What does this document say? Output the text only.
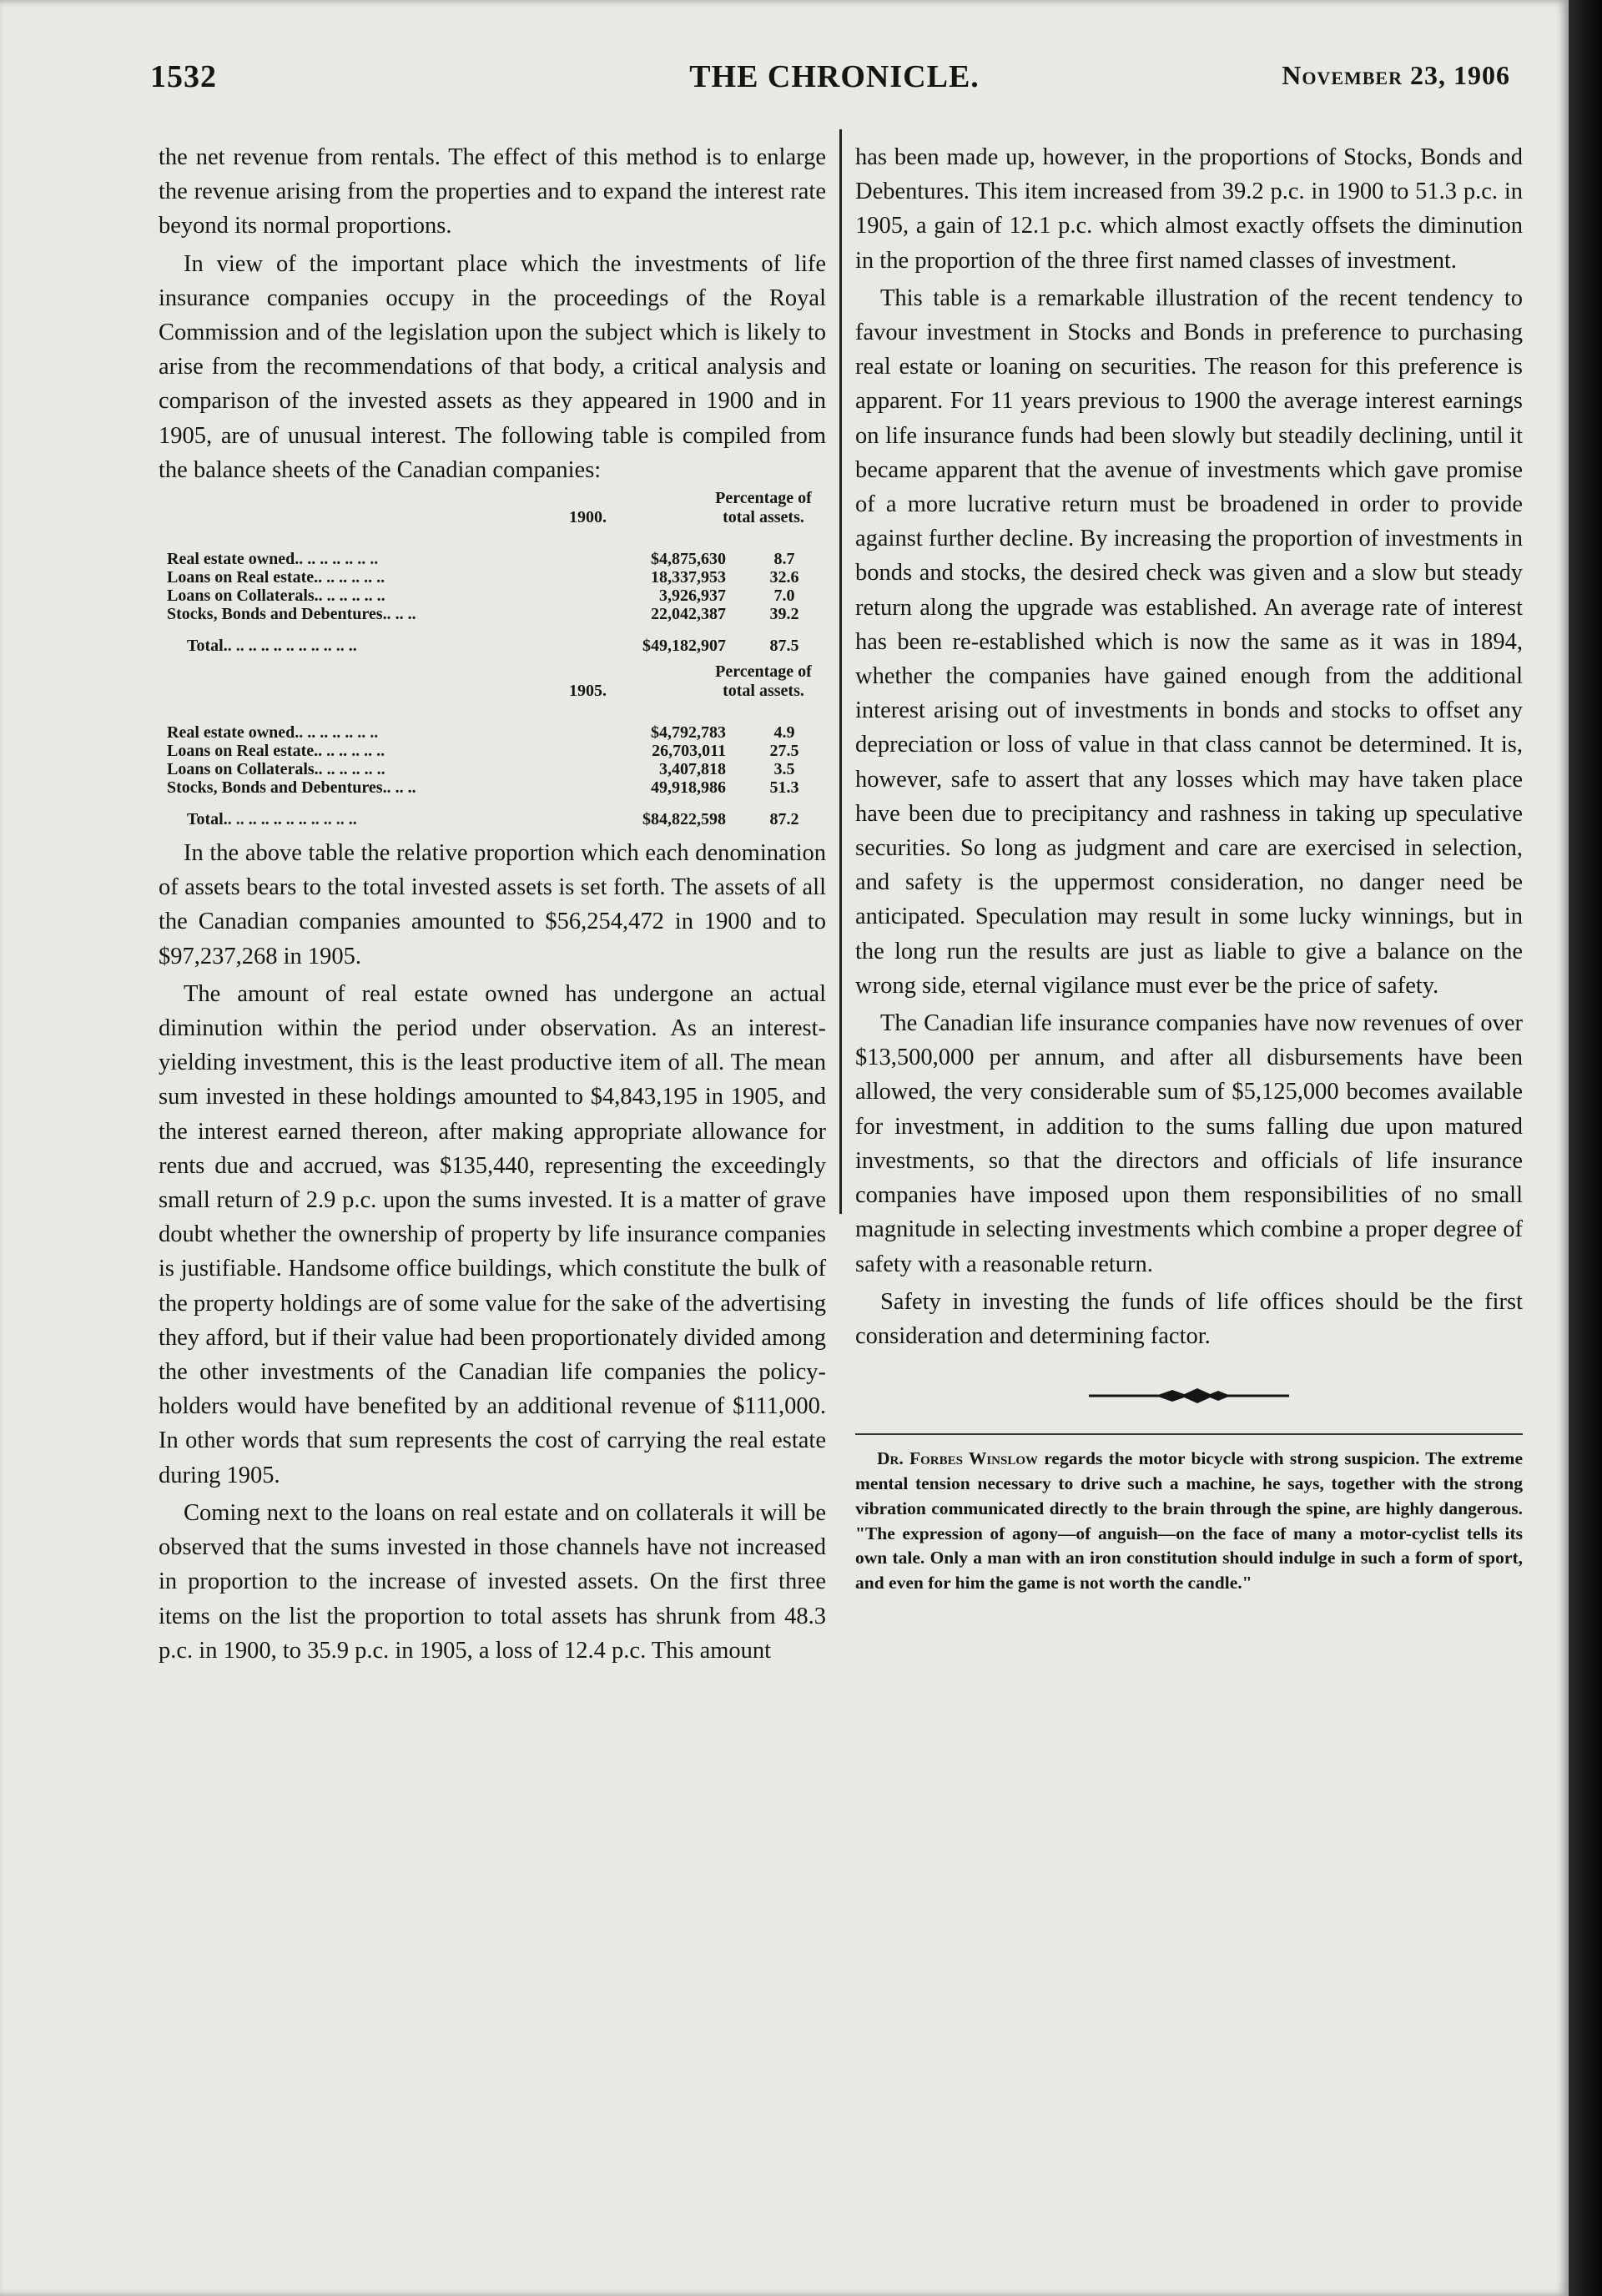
1532	THE CHRONICLE.	November 23, 1906

the net revenue from rentals. The effect of this method is to enlarge the revenue arising from the properties and to expand the interest rate beyond its normal proportions.

In view of the important place which the investments of life insurance companies occupy in the proceedings of the Royal Commission and of the legislation upon the subject which is likely to arise from the recommendations of that body, a critical analysis and comparison of the invested assets as they appeared in 1900 and in 1905, are of unusual interest. The following table is compiled from the balance sheets of the Canadian companies:

1900.
Percentage of total assets.
Real estate owned.. .. .. .. .. .. ..	$4,875,630	8.7
Loans on Real estate.. .. .. .. .. ..	18,337,953	32.6
Loans on Collaterals.. .. .. .. .. ..	3,926,937	7.0
Stocks, Bonds and Debentures.. .. ..	22,042,387	39.2
Total.. .. .. .. .. .. .. .. .. .. ..	$49,182,907	87.5
1905.
Percentage of total assets.
Real estate owned.. .. .. .. .. .. ..	$4,792,783	4.9
Loans on Real estate.. .. .. .. .. ..	26,703,011	27.5
Loans on Collaterals.. .. .. .. .. ..	3,407,818	3.5
Stocks, Bonds and Debentures.. .. ..	49,918,986	51.3
Total.. .. .. .. .. .. .. .. .. .. ..	$84,822,598	87.2

In the above table the relative proportion which each denomination of assets bears to the total invested assets is set forth. The assets of all the Canadian companies amounted to $56,254,472 in 1900 and to $97,237,268 in 1905.

The amount of real estate owned has undergone an actual diminution within the period under observation. As an interest-yielding investment, this is the least productive item of all. The mean sum invested in these holdings amounted to $4,843,195 in 1905, and the interest earned thereon, after making appropriate allowance for rents due and accrued, was $135,440, representing the exceedingly small return of 2.9 p.c. upon the sums invested. It is a matter of grave doubt whether the ownership of property by life insurance companies is justifiable. Handsome office buildings, which constitute the bulk of the property holdings are of some value for the sake of the advertising they afford, but if their value had been proportionately divided among the other investments of the Canadian life companies the policy-holders would have benefited by an additional revenue of $111,000. In other words that sum represents the cost of carrying the real estate during 1905.

Coming next to the loans on real estate and on collaterals it will be observed that the sums invested in those channels have not increased in proportion to the increase of invested assets. On the first three items on the list the proportion to total assets has shrunk from 48.3 p.c. in 1900, to 35.9 p.c. in 1905, a loss of 12.4 p.c. This amount

has been made up, however, in the proportions of Stocks, Bonds and Debentures. This item increased from 39.2 p.c. in 1900 to 51.3 p.c. in 1905, a gain of 12.1 p.c. which almost exactly offsets the diminution in the proportion of the three first named classes of investment.

This table is a remarkable illustration of the recent tendency to favour investment in Stocks and Bonds in preference to purchasing real estate or loaning on securities. The reason for this preference is apparent. For 11 years previous to 1900 the average interest earnings on life insurance funds had been slowly but steadily declining, until it became apparent that the avenue of investments which gave promise of a more lucrative return must be broadened in order to provide against further decline. By increasing the proportion of investments in bonds and stocks, the desired check was given and a slow but steady return along the upgrade was established. An average rate of interest has been re-established which is now the same as it was in 1894, whether the companies have gained enough from the additional interest arising out of investments in bonds and stocks to offset any depreciation or loss of value in that class cannot be determined. It is, however, safe to assert that any losses which may have taken place have been due to precipitancy and rashness in taking up speculative securities. So long as judgment and care are exercised in selection, and safety is the uppermost consideration, no danger need be anticipated. Speculation may result in some lucky winnings, but in the long run the results are just as liable to give a balance on the wrong side, eternal vigilance must ever be the price of safety.

The Canadian life insurance companies have now revenues of over $13,500,000 per annum, and after all disbursements have been allowed, the very considerable sum of $5,125,000 becomes available for investment, in addition to the sums falling due upon matured investments, so that the directors and officials of life insurance companies have imposed upon them responsibilities of no small magnitude in selecting investments which combine a proper degree of safety with a reasonable return.

Safety in investing the funds of life offices should be the first consideration and determining factor.

Dr. Forbes Winslow regards the motor bicycle with strong suspicion. The extreme mental tension necessary to drive such a machine, he says, together with the strong vibration communicated directly to the brain through the spine, are highly dangerous. "The expression of agony—of anguish—on the face of many a motor-cyclist tells its own tale. Only a man with an iron constitution should indulge in such a form of sport, and even for him the game is not worth the candle."
